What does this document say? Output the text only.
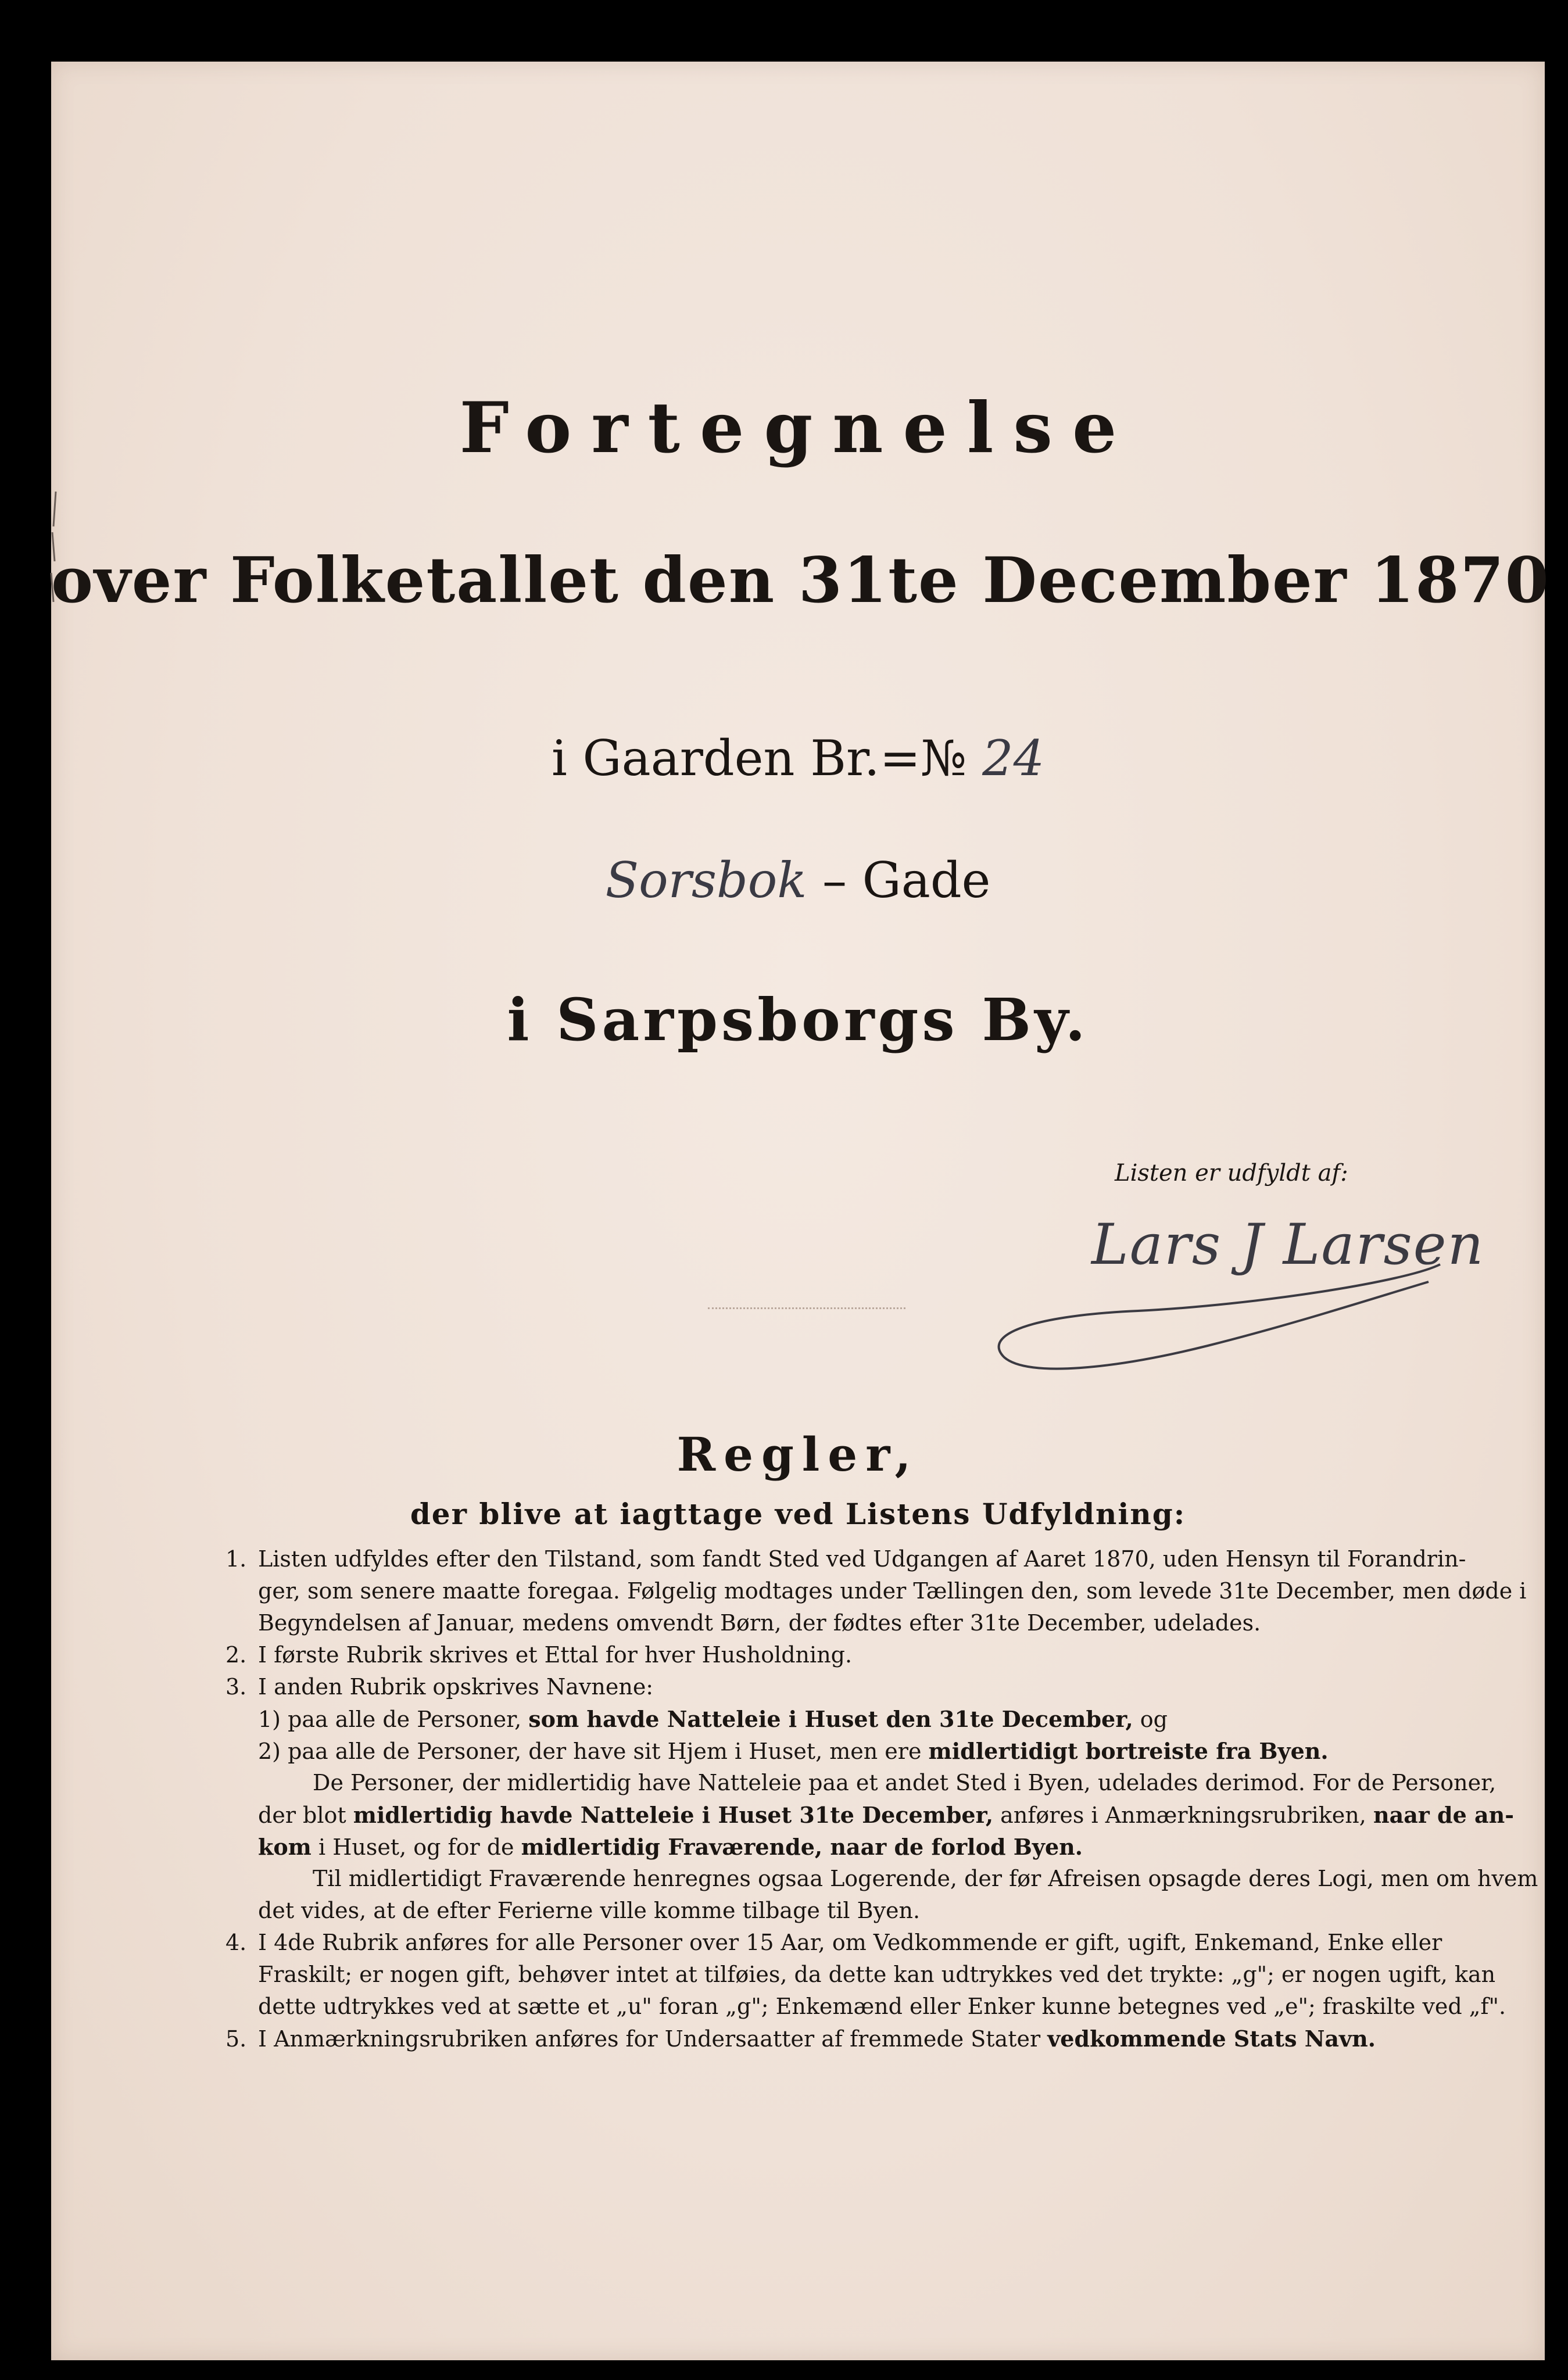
Fortegnelse
over Folketallet den 31te December 1870
i Gaarden Br.=№ 24
Sorsbok – Gade
i Sarpsborgs By.
Listen er udfyldt af:
Lars J Larsen
Regler,
der blive at iagttage ved Listens Udfyldning:
1. Listen udfyldes efter den Tilstand, som fandt Sted ved Udgangen af Aaret 1870, uden Hensyn til Forandrin-
ger, som senere maatte foregaa. Følgelig modtages under Tællingen den, som levede 31te December, men døde i
Begyndelsen af Januar, medens omvendt Børn, der fødtes efter 31te December, udelades.
2. I første Rubrik skrives et Ettal for hver Husholdning.
3. I anden Rubrik opskrives Navnene:
1) paa alle de Personer, som havde Natteleie i Huset den 31te December, og
2) paa alle de Personer, der have sit Hjem i Huset, men ere midlertidigt bortreiste fra Byen.
De Personer, der midlertidig have Natteleie paa et andet Sted i Byen, udelades derimod. For de Personer,
der blot midlertidig havde Natteleie i Huset 31te December, anføres i Anmærkningsrubriken, naar de an-
kom i Huset, og for de midlertidig Fraværende, naar de forlod Byen.
Til midlertidigt Fraværende henregnes ogsaa Logerende, der før Afreisen opsagde deres Logi, men om hvem
det vides, at de efter Ferierne ville komme tilbage til Byen.
4. I 4de Rubrik anføres for alle Personer over 15 Aar, om Vedkommende er gift, ugift, Enkemand, Enke eller
Fraskilt; er nogen gift, behøver intet at tilføies, da dette kan udtrykkes ved det trykte: „g"; er nogen ugift, kan
dette udtrykkes ved at sætte et „u" foran „g"; Enkemænd eller Enker kunne betegnes ved „e"; fraskilte ved „f".
5. I Anmærkningsrubriken anføres for Undersaatter af fremmede Stater vedkommende Stats Navn.
